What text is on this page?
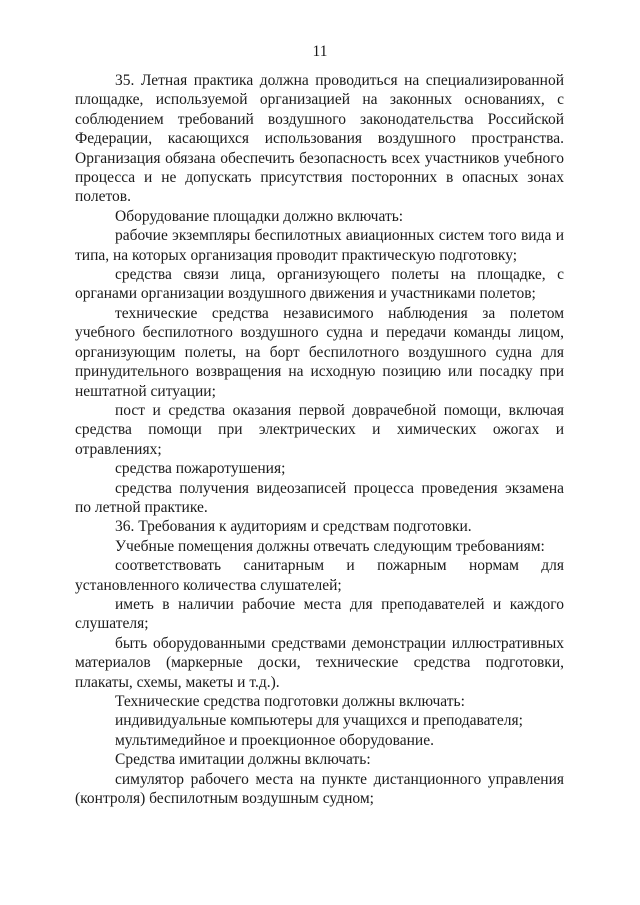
11

35. Летная практика должна проводиться на специализированной площадке, используемой организацией на законных основаниях, с соблюдением требований воздушного законодательства Российской Федерации, касающихся использования воздушного пространства. Организация обязана обеспечить безопасность всех участников учебного процесса и не допускать присутствия посторонних в опасных зонах полетов.

Оборудование площадки должно включать:

рабочие экземпляры беспилотных авиационных систем того вида и типа, на которых организация проводит практическую подготовку;

средства связи лица, организующего полеты на площадке, с органами организации воздушного движения и участниками полетов;

технические средства независимого наблюдения за полетом учебного беспилотного воздушного судна и передачи команды лицом, организующим полеты, на борт беспилотного воздушного судна для принудительного возвращения на исходную позицию или посадку при нештатной ситуации;

пост и средства оказания первой доврачебной помощи, включая средства помощи при электрических и химических ожогах и отравлениях;

средства пожаротушения;

средства получения видеозаписей процесса проведения экзамена по летной практике.

36. Требования к аудиториям и средствам подготовки.

Учебные помещения должны отвечать следующим требованиям:

соответствовать санитарным и пожарным нормам для установленного количества слушателей;

иметь в наличии рабочие места для преподавателей и каждого слушателя;

быть оборудованными средствами демонстрации иллюстративных материалов (маркерные доски, технические средства подготовки, плакаты, схемы, макеты и т.д.).

Технические средства подготовки должны включать:

индивидуальные компьютеры для учащихся и преподавателя;

мультимедийное и проекционное оборудование.

Средства имитации должны включать:

симулятор рабочего места на пункте дистанционного управления (контроля) беспилотным воздушным судном;
